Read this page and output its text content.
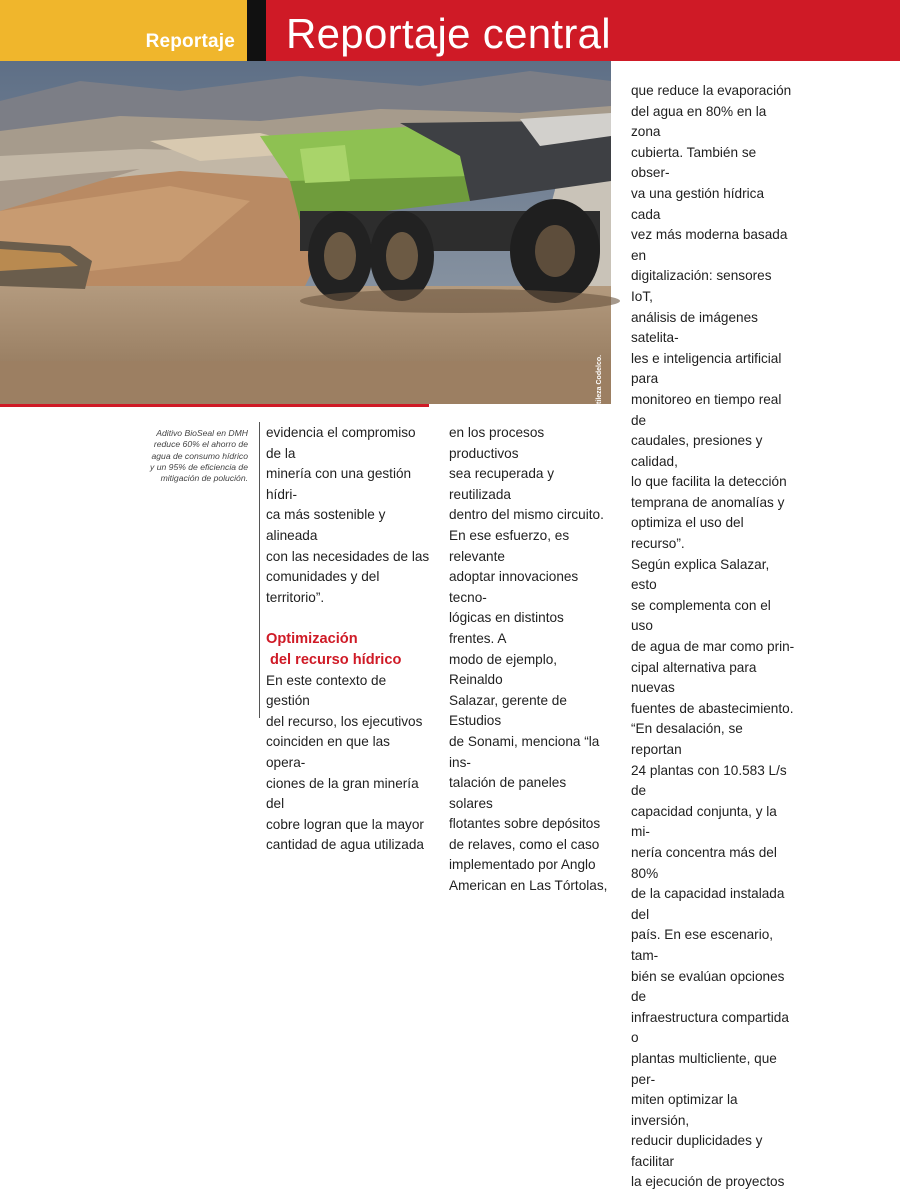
Reportaje Reportaje central
Foto: Gentileza Codelco.
Aditivo BioSeal en DMH
reduce 60% el ahorro de
agua de consumo hídrico
y un 95% de eficiencia de
mitigación de polución.

evidencia el compromiso de la

minería con una gestión hídri-

ca más sostenible y alineada

con las necesidades de las

comunidades y del territorio”.

Optimización
del recurso hídrico

En este contexto de gestión

del recurso, los ejecutivos

coinciden en que las opera-

ciones de la gran minería del

cobre logran que la mayor

cantidad de agua utilizada

en los procesos productivos

sea recuperada y reutilizada

dentro del mismo circuito.

En ese esfuerzo, es relevante

adoptar innovaciones tecno-

lógicas en distintos frentes. A

modo de ejemplo, Reinaldo

Salazar, gerente de Estudios

de Sonami, menciona “la ins-

talación de paneles solares

flotantes sobre depósitos

de relaves, como el caso

implementado por Anglo

American en Las Tórtolas,

que reduce la evaporación

del agua en 80% en la zona

cubierta. También se obser-

va una gestión hídrica cada

vez más moderna basada en

digitalización: sensores IoT,

análisis de imágenes satelita-

les e inteligencia artificial para

monitoreo en tiempo real de

caudales, presiones y calidad,

lo que facilita la detección

temprana de anomalías y

optimiza el uso del recurso”.

Según explica Salazar, esto

se complementa con el uso

de agua de mar como prin-

cipal alternativa para nuevas

fuentes de abastecimiento.

“En desalación, se reportan

24 plantas con 10.583 L/s de

capacidad conjunta, y la mi-

nería concentra más del 80%

de la capacidad instalada del

país. En ese escenario, tam-

bién se evalúan opciones de

infraestructura compartida o

plantas multicliente, que per-

miten optimizar la inversión,

reducir duplicidades y facilitar

la ejecución de proyectos
